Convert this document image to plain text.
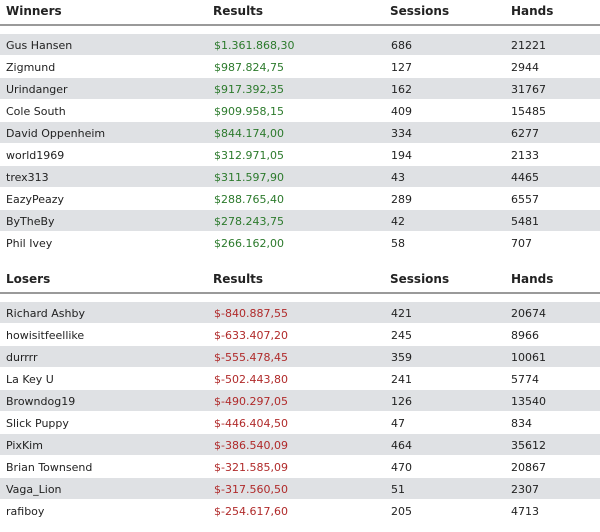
Winners	Results	Sessions	Hands
Gus Hansen	$1.361.868,30	686	21221
Zigmund	$987.824,75	127	2944
Urindanger	$917.392,35	162	31767
Cole South	$909.958,15	409	15485
David Oppenheim	$844.174,00	334	6277
world1969	$312.971,05	194	2133
trex313	$311.597,90	43	4465
EazyPeazy	$288.765,40	289	6557
ByTheBy	$278.243,75	42	5481
Phil Ivey	$266.162,00	58	707
Losers	Results	Sessions	Hands
Richard Ashby	$-840.887,55	421	20674
howisitfeellike	$-633.407,20	245	8966
durrrr	$-555.478,45	359	10061
La Key U	$-502.443,80	241	5774
Browndog19	$-490.297,05	126	13540
Slick Puppy	$-446.404,50	47	834
PixKim	$-386.540,09	464	35612
Brian Townsend	$-321.585,09	470	20867
Vaga_Lion	$-317.560,50	51	2307
rafiboy	$-254.617,60	205	4713
